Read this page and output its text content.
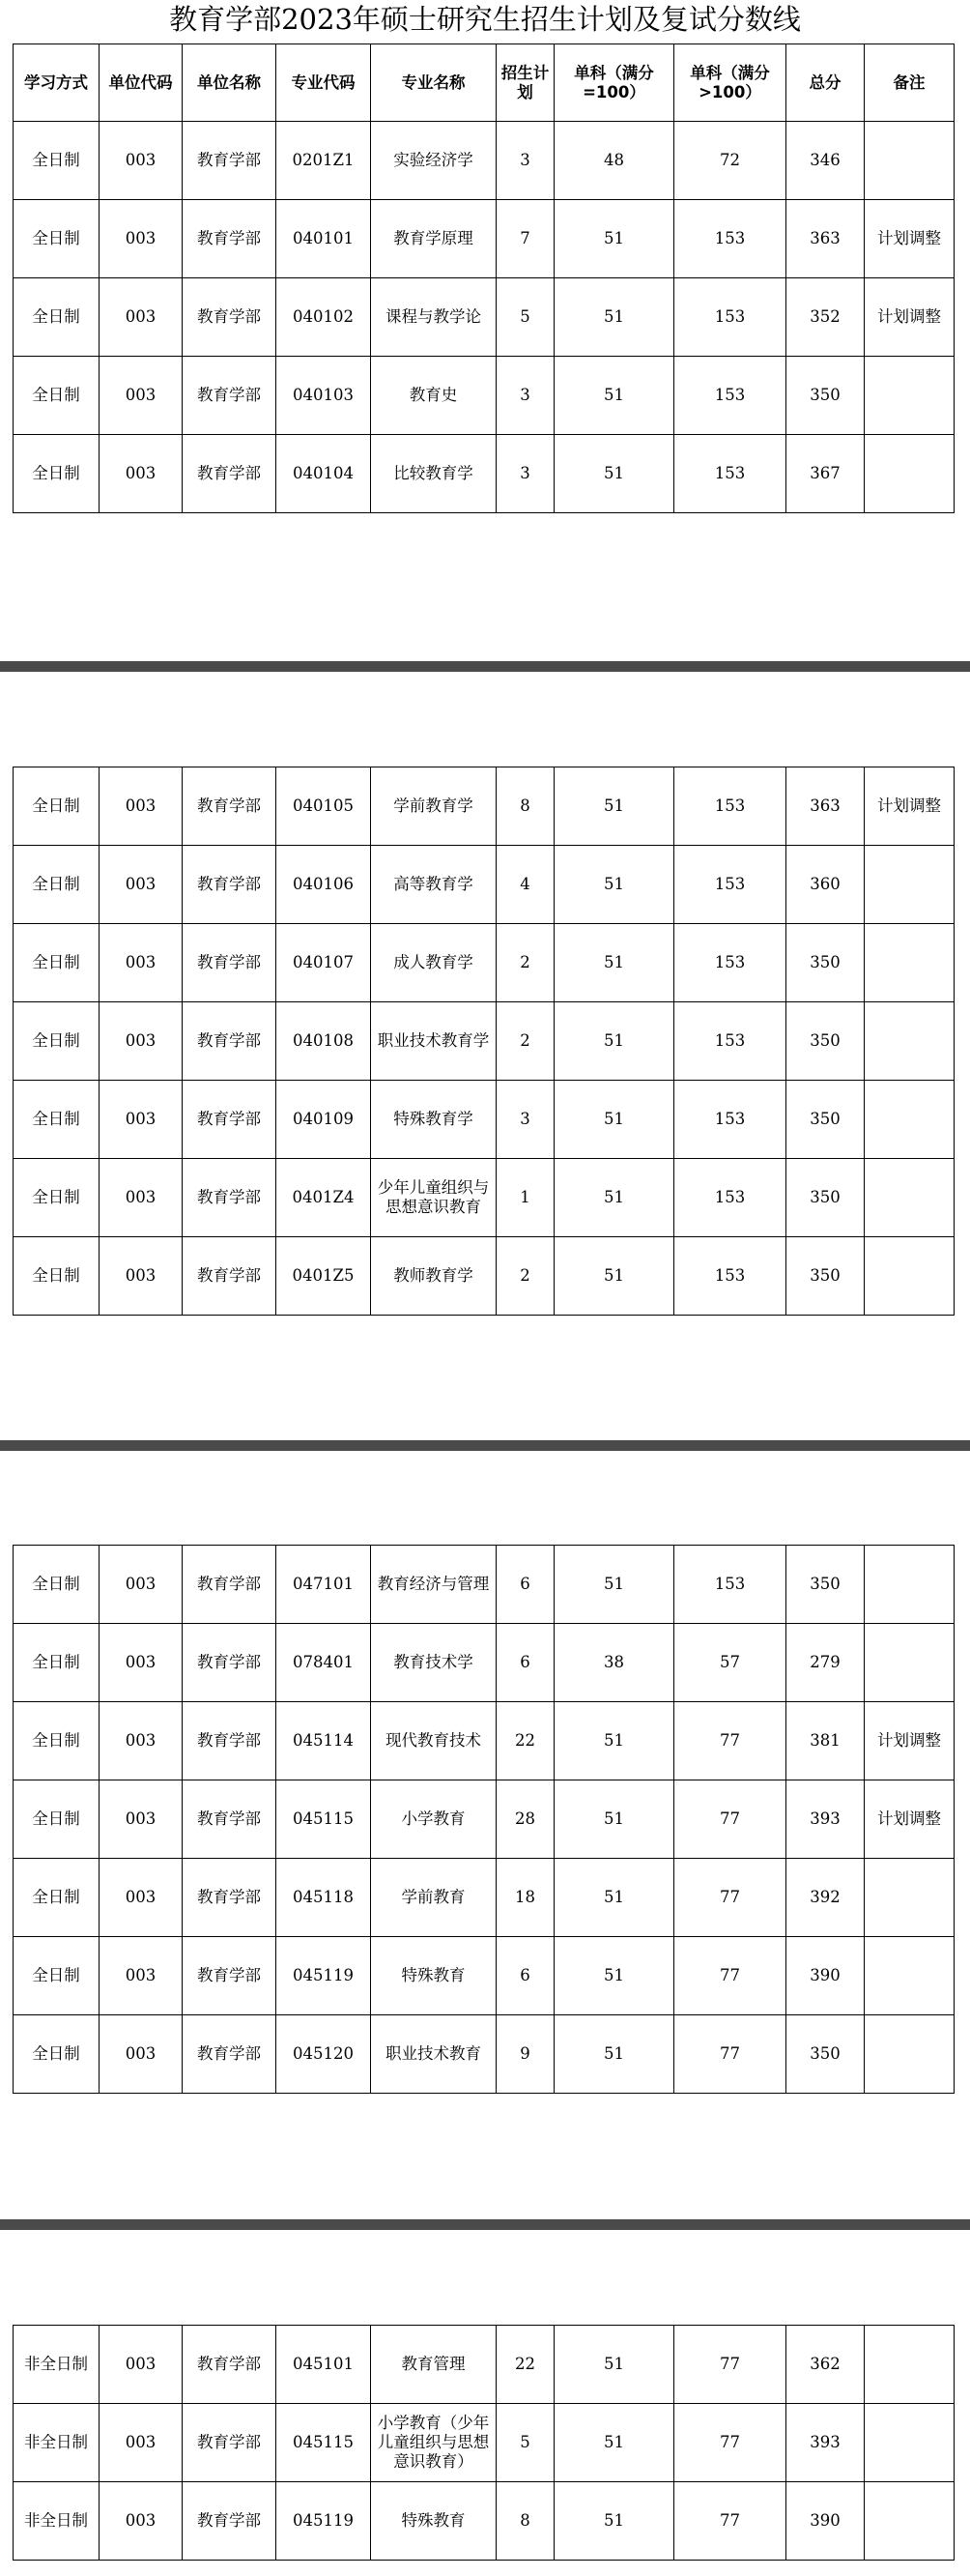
教育学部2023年硕士研究生招生计划及复试分数线
学习方式	单位代码	单位名称	专业代码	专业名称	招生计划	单科（满分=100）	单科（满分>100）	总分	备注
全日制	003	教育学部	0201Z1	实验经济学	3	48	72	346	
全日制	003	教育学部	040101	教育学原理	7	51	153	363	计划调整
全日制	003	教育学部	040102	课程与教学论	5	51	153	352	计划调整
全日制	003	教育学部	040103	教育史	3	51	153	350	
全日制	003	教育学部	040104	比较教育学	3	51	153	367	
全日制	003	教育学部	040105	学前教育学	8	51	153	363	计划调整
全日制	003	教育学部	040106	高等教育学	4	51	153	360	
全日制	003	教育学部	040107	成人教育学	2	51	153	350	
全日制	003	教育学部	040108	职业技术教育学	2	51	153	350	
全日制	003	教育学部	040109	特殊教育学	3	51	153	350	
全日制	003	教育学部	0401Z4	少年儿童组织与思想意识教育	1	51	153	350	
全日制	003	教育学部	0401Z5	教师教育学	2	51	153	350	
全日制	003	教育学部	047101	教育经济与管理	6	51	153	350	
全日制	003	教育学部	078401	教育技术学	6	38	57	279	
全日制	003	教育学部	045114	现代教育技术	22	51	77	381	计划调整
全日制	003	教育学部	045115	小学教育	28	51	77	393	计划调整
全日制	003	教育学部	045118	学前教育	18	51	77	392	
全日制	003	教育学部	045119	特殊教育	6	51	77	390	
全日制	003	教育学部	045120	职业技术教育	9	51	77	350	
非全日制	003	教育学部	045101	教育管理	22	51	77	362	
非全日制	003	教育学部	045115	小学教育（少年儿童组织与思想意识教育）	5	51	77	393	
非全日制	003	教育学部	045119	特殊教育	8	51	77	390	
